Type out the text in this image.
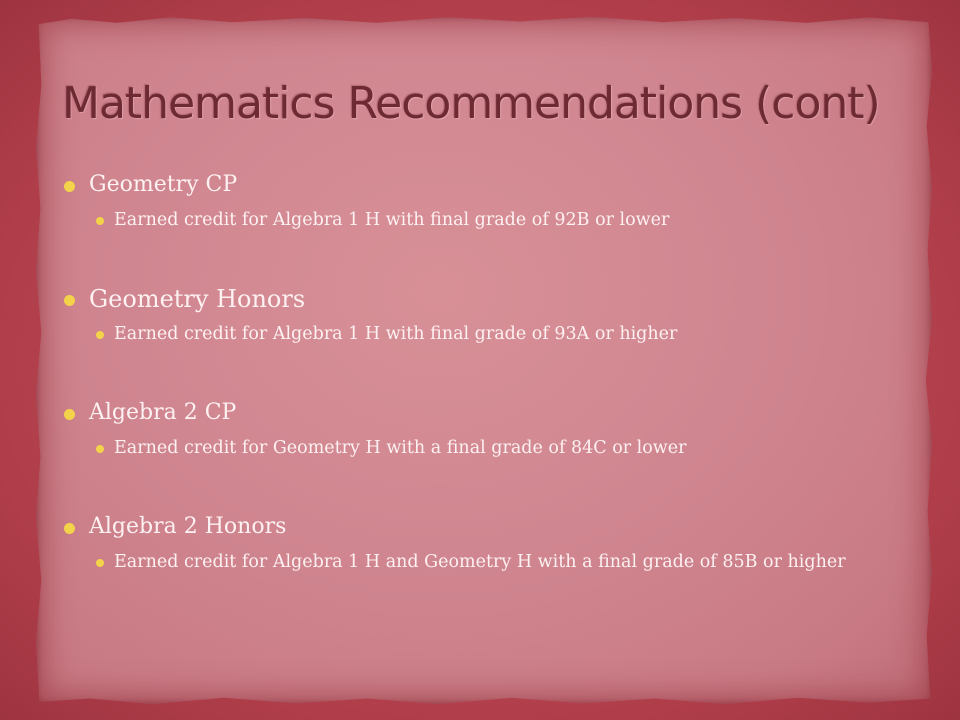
Mathematics Recommendations (cont)
Geometry CP
Earned credit for Algebra 1 H with final grade of 92B or lower
Geometry Honors
Earned credit for Algebra 1 H with final grade of 93A or higher
Algebra 2 CP
Earned credit for Geometry H with a final grade of 84C or lower
Algebra 2 Honors
Earned credit for Algebra 1 H and Geometry H with a final grade of 85B or higher
